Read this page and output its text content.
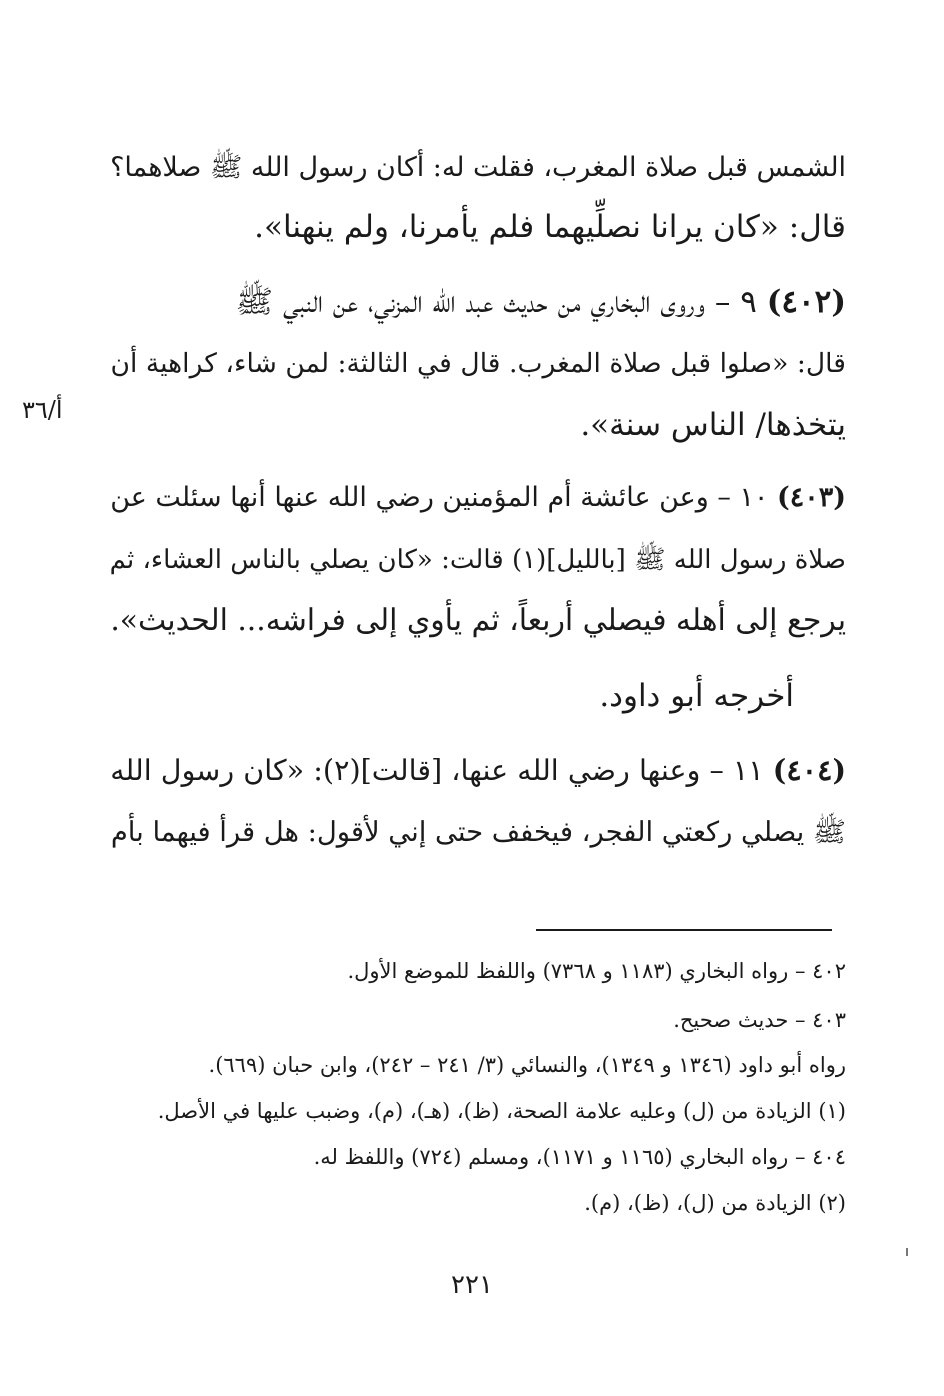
الشمس قبل صلاة المغرب، فقلت له: أكان رسول الله ﷺ صلاهما؟
قال: «كان يرانا نصلِّيهما فلم يأمرنا، ولم ينهنا».
(٤٠٢) ٩ – وروى البخاري من حديث عبد الله المزني، عن النبي ﷺ
قال: «صلوا قبل صلاة المغرب. قال في الثالثة: لمن شاء، كراهية أن
يتخذها/ الناس سنة».
(٤٠٣) ١٠ – وعن عائشة أم المؤمنين رضي الله عنها أنها سئلت عن
صلاة رسول الله ﷺ [بالليل](١) قالت: «كان يصلي بالناس العشاء، ثم
يرجع إلى أهله فيصلي أربعاً، ثم يأوي إلى فراشه... الحديث».
أخرجه أبو داود.
(٤٠٤) ١١ – وعنها رضي الله عنها، [قالت](٢): «كان رسول الله
ﷺ يصلي ركعتي الفجر، فيخفف حتى إني لأقول: هل قرأ فيهما بأم
أ/٣٦
٤٠٢ – رواه البخاري (١١٨٣ و ٧٣٦٨) واللفظ للموضع الأول.
٤٠٣ – حديث صحيح.
رواه أبو داود (١٣٤٦ و ١٣٤٩)، والنسائي (٣/ ٢٤١ – ٢٤٢)، وابن حبان (٦٦٩).
(١) الزيادة من (ل) وعليه علامة الصحة، (ظ)، (هـ)، (م)، وضبب عليها في الأصل.
٤٠٤ – رواه البخاري (١١٦٥ و ١١٧١)، ومسلم (٧٢٤) واللفظ له.
(٢) الزيادة من (ل)، (ظ)، (م).
٢٢١
